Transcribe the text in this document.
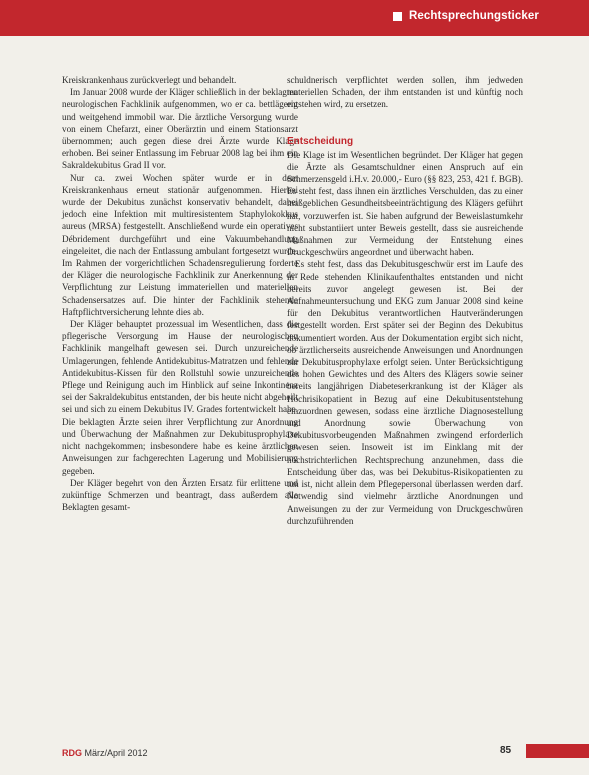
Rechtsprechungsticker

Kreiskrankenhaus zurückverlegt und behandelt.

Im Januar 2008 wurde der Kläger schließlich in der beklagten neurologischen Fachklinik aufgenommen, wo er ca. bettlägerig und weitgehend immobil war. Die ärztliche Versorgung wurde von einem Chefarzt, einer Oberärztin und einem Stationsarzt übernommen; auch gegen diese drei Ärzte wurde Klage erhoben. Bei seiner Entlassung im Februar 2008 lag bei ihm ein Sakraldekubitus Grad II vor.

Nur ca. zwei Wochen später wurde er in dem Kreiskrankenhaus erneut stationär aufgenommen. Hierbei wurde der Dekubitus zunächst konservativ behandelt, dabei jedoch eine Infektion mit multiresistentem Staphylokokkus aureus (MRSA) festgestellt. Anschließend wurde ein operatives Débridement durchgeführt und eine Vakuumbehandlung eingeleitet, die nach der Entlassung ambulant fortgesetzt wurde. Im Rahmen der vorgerichtlichen Schadensregulierung forderte der Kläger die neurologische Fachklinik zur Anerkennung der Verpflichtung zur Leistung immateriellen und materiellen Schadensersatzes auf. Die hinter der Fachklinik stehende Haftpflichtversicherung lehnte dies ab.

Der Kläger behauptet prozessual im Wesentlichen, dass die pflegerische Versorgung im Hause der neurologischen Fachklinik mangelhaft gewesen sei. Durch unzureichende Umlagerungen, fehlende Antidekubitus-Matratzen und fehlende Antidekubitus-Kissen für den Rollstuhl sowie unzureichende Pflege und Reinigung auch im Hinblick auf seine Inkontinenz sei der Sakraldekubitus entstanden, der bis heute nicht abgeheilt sei und sich zu einem Dekubitus IV. Grades fortentwickelt habe. Die beklagten Ärzte seien ihrer Verpflichtung zur Anordnung und Überwachung der Maßnahmen zur Dekubitusprophylaxe nicht nachgekommen; insbesondere habe es keine ärztlichen Anweisungen zur fachgerechten Lagerung und Mobilisierung gegeben.

Der Kläger begehrt von den Ärzten Ersatz für erlittene und zukünftige Schmerzen und beantragt, dass außerdem alle Beklagten gesamt-

schuldnerisch verpflichtet werden sollen, ihm jedweden materiellen Schaden, der ihm entstanden ist und künftig noch entstehen wird, zu ersetzen.

Entscheidung

Die Klage ist im Wesentlichen begründet. Der Kläger hat gegen die Ärzte als Gesamtschuldner einen Anspruch auf ein Schmerzensgeld i.H.v. 20.000,- Euro (§§ 823, 253, 421 f. BGB). Es steht fest, dass ihnen ein ärztliches Verschulden, das zu einer maßgeblichen Gesundheitsbeeinträchtigung des Klägers geführt hat, vorzuwerfen ist. Sie haben aufgrund der Beweislastumkehr nicht substantiiert unter Beweis gestellt, dass sie ausreichende Maßnahmen zur Vermeidung der Entstehung eines Druckgeschwürs angeordnet und überwacht haben.

Es steht fest, dass das Dekubitusgeschwür erst im Laufe des in Rede stehenden Klinikaufenthaltes entstanden und nicht bereits zuvor angelegt gewesen ist. Bei der Aufnahmeuntersuchung und EKG zum Januar 2008 sind keine für den Dekubitus verantwortlichen Hautveränderungen festgestellt worden. Erst später sei der Beginn des Dekubitus dokumentiert worden. Aus der Dokumentation ergibt sich nicht, ob ärztlicherseits ausreichende Anweisungen und Anordnungen zur Dekubitusprophylaxe erfolgt seien. Unter Berücksichtigung des hohen Gewichtes und des Alters des Klägers sowie seiner bereits langjährigen Diabeteserkrankung ist der Kläger als Hochrisikopatient in Bezug auf eine Dekubitusentstehung einzuordnen gewesen, sodass eine ärztliche Diagnosestellung und Anordnung sowie Überwachung von Dekubitusvorbeugenden Maßnahmen zwingend erforderlich gewesen seien. Insoweit ist im Einklang mit der höchstrichterlichen Rechtsprechung anzunehmen, dass die Entscheidung über das, was bei Dekubitus-Risikopatienten zu tun ist, nicht allein dem Pflegepersonal überlassen werden darf. Notwendig sind vielmehr ärztliche Anordnungen und Anweisungen zu der zur Vermeidung von Druckgeschwüren durchzuführenden

RDG März/April 2012	85
